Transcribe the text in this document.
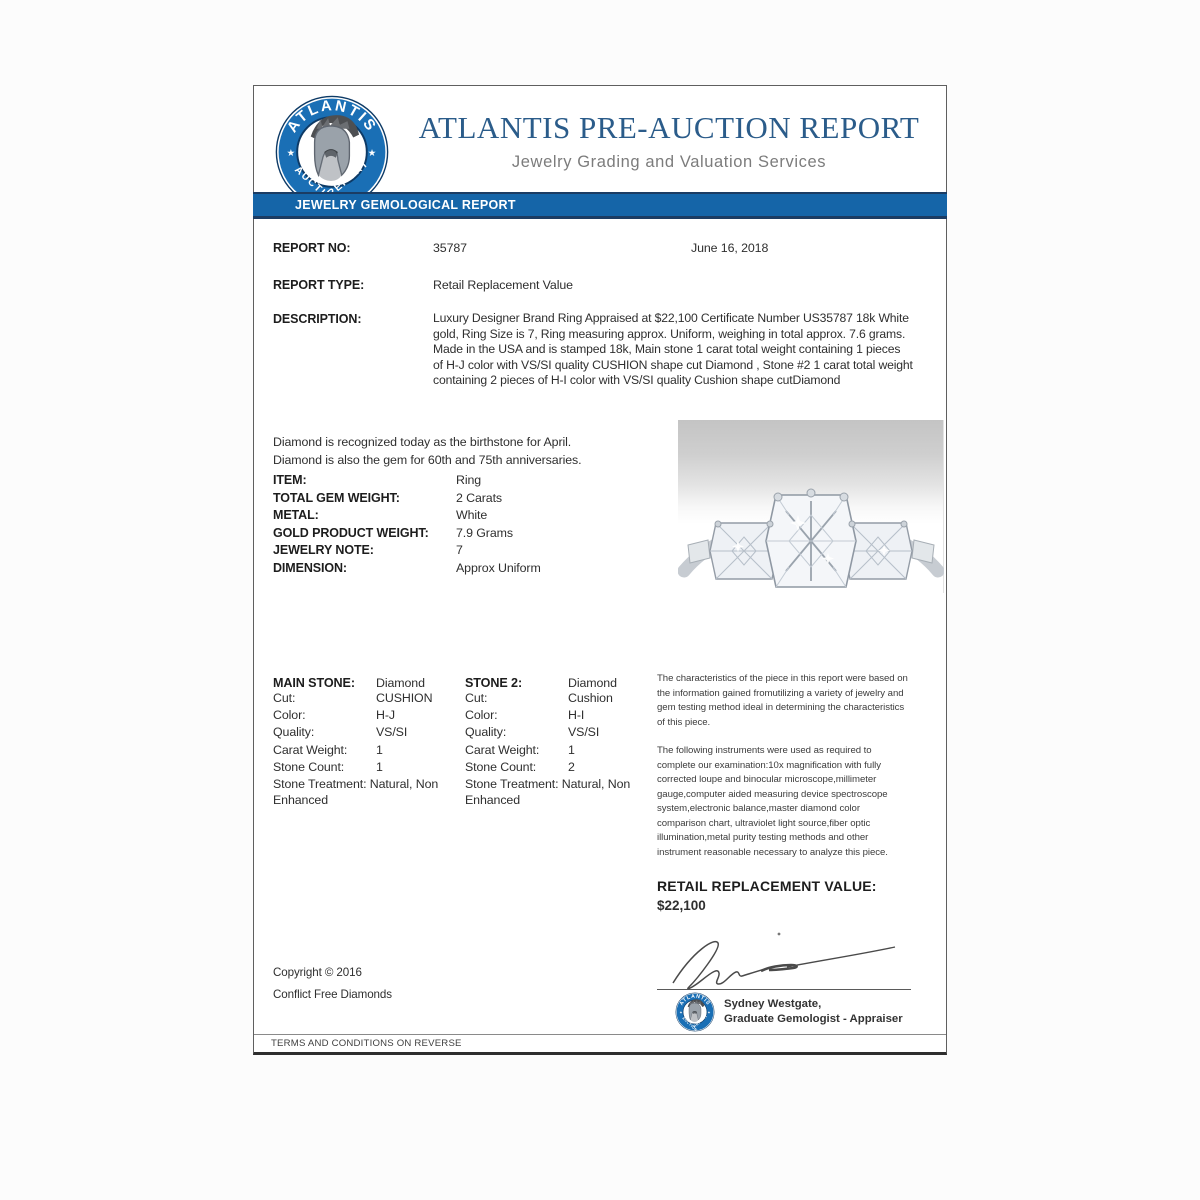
ATLANTIS PRE-AUCTION REPORT
Jewelry Grading and Valuation Services
JEWELRY GEMOLOGICAL REPORT
REPORT NO:	35787	June 16, 2018
REPORT TYPE:	Retail Replacement Value
DESCRIPTION:	Luxury Designer Brand Ring Appraised at $22,100 Certificate Number US35787 18k White gold, Ring Size is 7, Ring measuring approx. Uniform, weighing in total approx. 7.6 grams. Made in the USA and is stamped 18k, Main stone 1 carat total weight containing 1 pieces of H-J color with VS/SI quality CUSHION shape cut Diamond , Stone #2 1 carat total weight containing 2 pieces of H-I color with VS/SI quality Cushion shape cutDiamond
Diamond is recognized today as the birthstone for April.
Diamond is also the gem for 60th and 75th anniversaries.
ITEM:	Ring
TOTAL GEM WEIGHT:	2 Carats
METAL:	White
GOLD PRODUCT WEIGHT:	7.9 Grams
JEWELRY NOTE:	7
DIMENSION:	Approx Uniform
MAIN STONE:	Diamond
Cut:	CUSHION
Color:	H-J
Quality:	VS/SI
Carat Weight:	1
Stone Count:	1
Stone Treatment: Natural, Non Enhanced
STONE 2:	Diamond
Cut:	Cushion
Color:	H-I
Quality:	VS/SI
Carat Weight:	1
Stone Count:	2
Stone Treatment: Natural, Non Enhanced

The characteristics of the piece in this report were based on the information gained fromutilizing a variety of jewelry and gem testing method ideal in determining the characteristics of this piece.

The following instruments were used as required to complete our examination:10x magnification with fully corrected loupe and binocular microscope,millimeter gauge,computer aided measuring device spectroscope system,electronic balance,master diamond color comparison chart, ultraviolet light source,fiber optic illumination,metal purity testing methods and other instrument reasonable necessary to analyze this piece.

RETAIL REPLACEMENT VALUE:
$22,100
Sydney Westgate,
Graduate Gemologist - Appraiser
Copyright © 2016
Conflict Free Diamonds
TERMS AND CONDITIONS ON REVERSE
